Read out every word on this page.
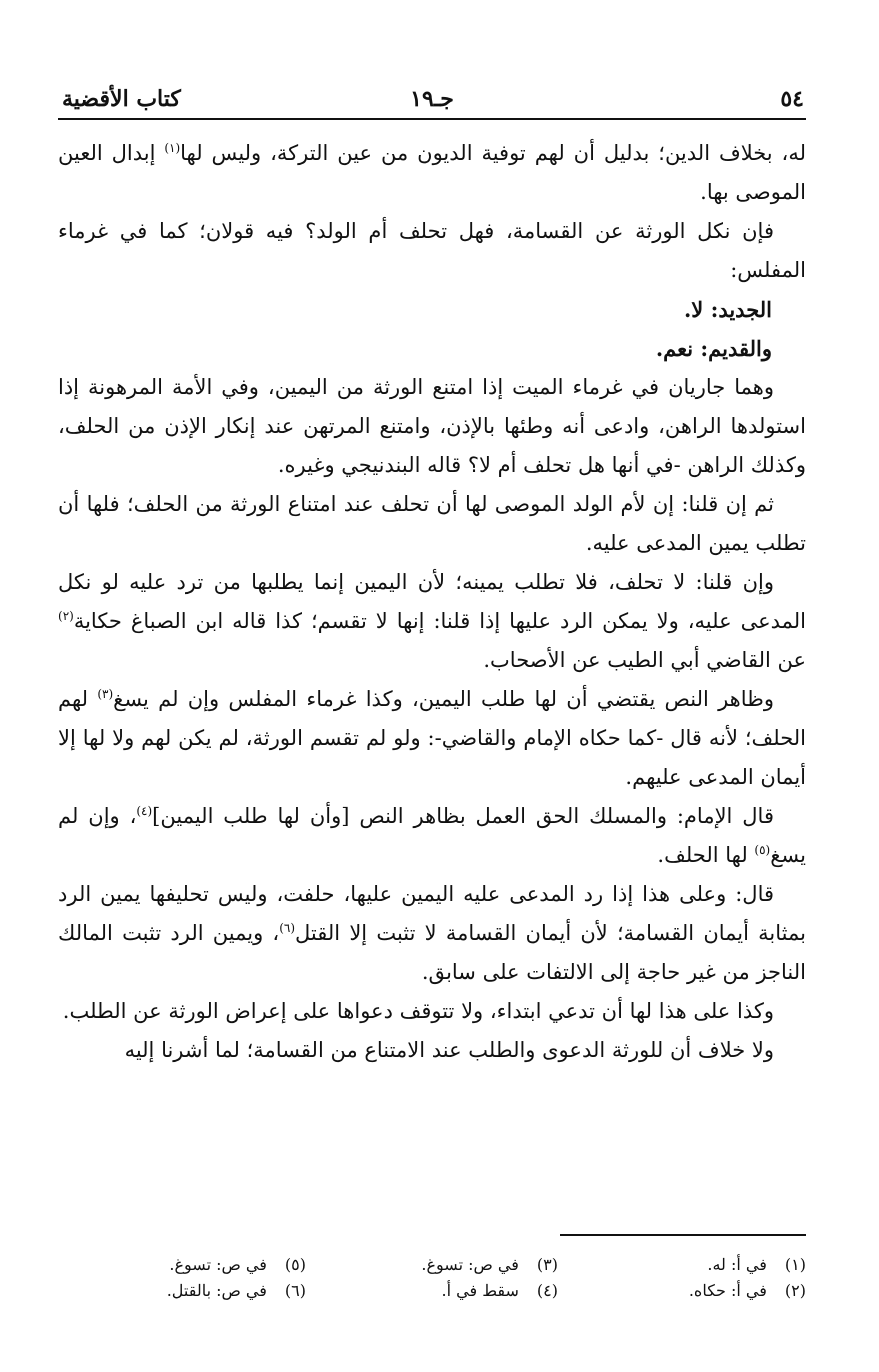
٥٤
جـ١٩
كتاب الأقضية

له، بخلاف الدين؛ بدليل أن لهم توفية الديون من عين التركة، وليس لها$^{(١)}$ إبدال العين الموصى بها.

فإن نكل الورثة عن القسامة، فهل تحلف أم الولد؟ فيه قولان؛ كما في غرماء المفلس:

الجديد: لا.

والقديم: نعم.

وهما جاريان في غرماء الميت إذا امتنع الورثة من اليمين، وفي الأمة المرهونة إذا استولدها الراهن، وادعى أنه وطئها بالإذن، وامتنع المرتهن عند إنكار الإذن من الحلف، وكذلك الراهن -في أنها هل تحلف أم لا؟ قاله البندنيجي وغيره.

ثم إن قلنا: إن لأم الولد الموصى لها أن تحلف عند امتناع الورثة من الحلف؛ فلها أن تطلب يمين المدعى عليه.

وإن قلنا: لا تحلف، فلا تطلب يمينه؛ لأن اليمين إنما يطلبها من ترد عليه لو نكل المدعى عليه، ولا يمكن الرد عليها إذا قلنا: إنها لا تقسم؛ كذا قاله ابن الصباغ حكاية$^{(٢)}$ عن القاضي أبي الطيب عن الأصحاب.

وظاهر النص يقتضي أن لها طلب اليمين، وكذا غرماء المفلس وإن لم يسغ$^{(٣)}$ لهم الحلف؛ لأنه قال -كما حكاه الإمام والقاضي-: ولو لم تقسم الورثة، لم يكن لهم ولا لها إلا أيمان المدعى عليهم.

قال الإمام: والمسلك الحق العمل بظاهر النص [وأن لها طلب اليمين]$^{(٤)}$، وإن لم يسغ$^{(٥)}$ لها الحلف.

قال: وعلى هذا إذا رد المدعى عليه اليمين عليها، حلفت، وليس تحليفها يمين الرد بمثابة أيمان القسامة؛ لأن أيمان القسامة لا تثبت إلا القتل$^{(٦)}$، ويمين الرد تثبت المالك الناجز من غير حاجة إلى الالتفات على سابق.

وكذا على هذا لها أن تدعي ابتداء، ولا تتوقف دعواها على إعراض الورثة عن الطلب.

ولا خلاف أن للورثة الدعوى والطلب عند الامتناع من القسامة؛ لما أشرنا إليه

(١) في أ: له.
(٢) في أ: حكاه.
(٣) في ص: تسوغ.
(٤) سقط في أ.
(٥) في ص: تسوغ.
(٦) في ص: بالقتل.
